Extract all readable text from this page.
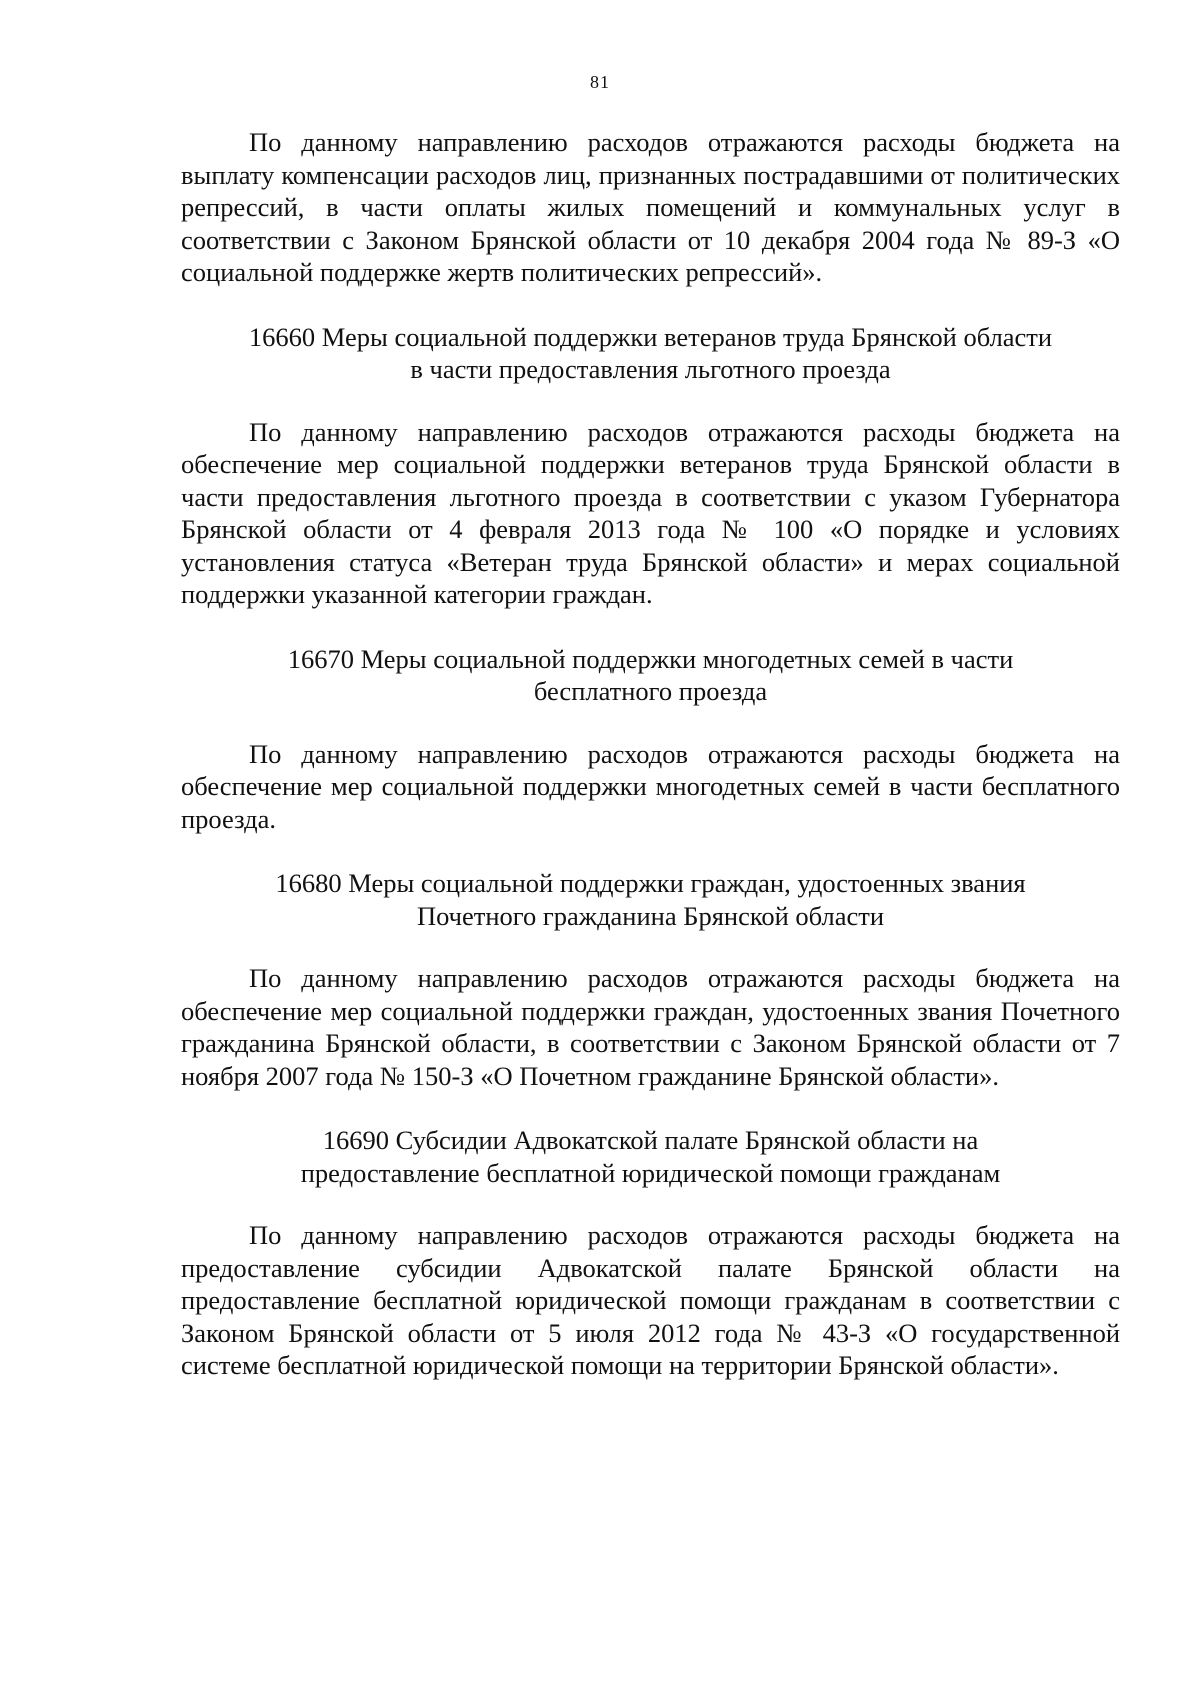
81

По данному направлению расходов отражаются расходы бюджета на выплату компенсации расходов лиц, признанных пострадавшими от политических репрессий, в части оплаты жилых помещений и коммунальных услуг в соответствии с Законом Брянской области от 10 декабря 2004 года № 89-З «О социальной поддержке жертв политических репрессий».

16660 Меры социальной поддержки ветеранов труда Брянской области

в части предоставления льготного проезда

По данному направлению расходов отражаются расходы бюджета на обеспечение мер социальной поддержки ветеранов труда Брянской области в части предоставления льготного проезда в соответствии с указом Губернатора Брянской области от 4 февраля 2013 года № 100 «О порядке и условиях установления статуса «Ветеран труда Брянской области» и мерах социальной поддержки указанной категории граждан.

16670 Меры социальной поддержки многодетных семей в части

бесплатного проезда

По данному направлению расходов отражаются расходы бюджета на обеспечение мер социальной поддержки многодетных семей в части бесплатного проезда.

16680 Меры социальной поддержки граждан, удостоенных звания

Почетного гражданина Брянской области

По данному направлению расходов отражаются расходы бюджета на обеспечение мер социальной поддержки граждан, удостоенных звания Почетного гражданина Брянской области, в соответствии с Законом Брянской области от 7 ноября 2007 года № 150-З «О Почетном гражданине Брянской области».

16690 Субсидии Адвокатской палате Брянской области на

предоставление бесплатной юридической помощи гражданам

По данному направлению расходов отражаются расходы бюджета на предоставление субсидии Адвокатской палате Брянской области на предоставление бесплатной юридической помощи гражданам в соответствии с Законом Брянской области от 5 июля 2012 года № 43-З «О государственной системе бесплатной юридической помощи на территории Брянской области».
